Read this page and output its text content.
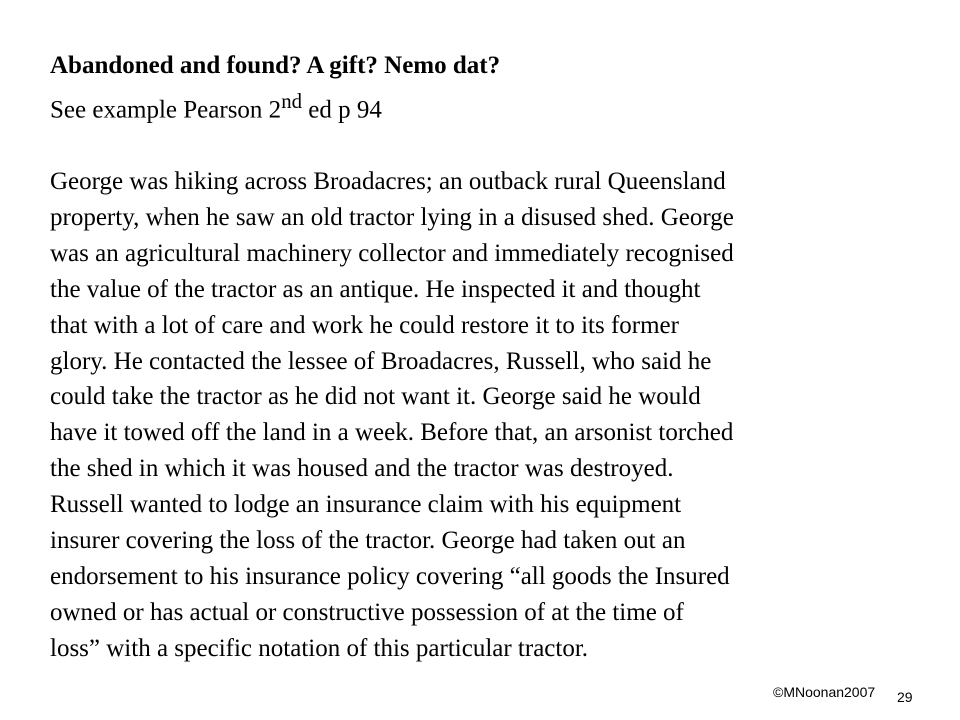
Abandoned and found? A gift? Nemo dat?
See example Pearson 2nd ed p 94
George was hiking across Broadacres; an outback rural Queensland
property, when he saw an old tractor lying in a disused shed. George
was an agricultural machinery collector and immediately recognised
the value of the tractor as an antique. He inspected it and thought
that with a lot of care and work he could restore it to its former
glory. He contacted the lessee of Broadacres, Russell, who said he
could take the tractor as he did not want it. George said he would
have it towed off the land in a week. Before that, an arsonist torched
the shed in which it was housed and the tractor was destroyed.
Russell wanted to lodge an insurance claim with his equipment
insurer covering the loss of the tractor. George had taken out an
endorsement to his insurance policy covering “all goods the Insured
owned or has actual or constructive possession of at the time of
loss” with a specific notation of this particular tractor.
©MNoonan2007 29
